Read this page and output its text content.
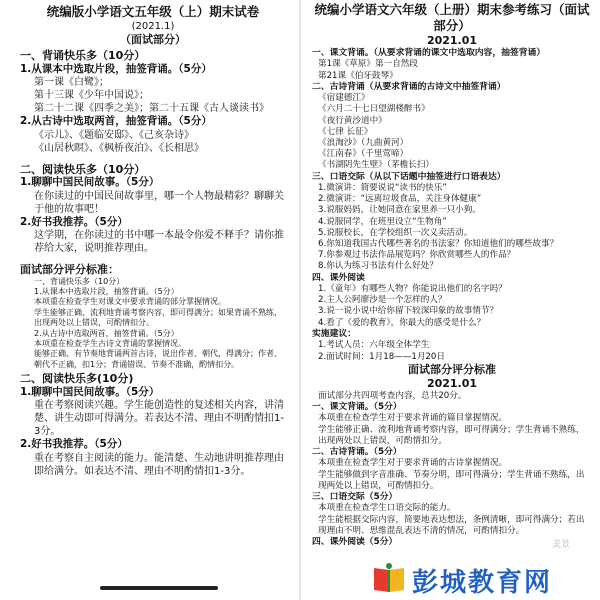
统编版小学语文五年级（上）期末试卷
(2021.1)
（面试部分）
一、背诵快乐多（10分）
1.从课本中选取片段，抽签背诵。（5分）
第一课《白鹭》；
第十三课《少年中国说》；
第二十二课《四季之美》；第二十五课《古人谈读书》
2.从古诗中选取两首，抽签背诵。（5分）
《示儿》、《题临安邸》、《己亥杂诗》
《山居秋暝》、《枫桥夜泊》、《长相思》
二、阅读快乐多（10分）
1.聊聊中国民间故事。（5分）
在你读过的中国民间故事里，哪一个人物最精彩？聊聊关于他的故事吧！
2.好书我推荐。（5分）
这学期，在你读过的书中哪一本最令你爱不释手？请你推荐给大家，说明推荐理由。
面试部分评分标准：
一、背诵快乐多（10分）
1.从课本中选取片段，抽签背诵。（5分）
本项重在检查学生对课文中要求背诵的部分掌握情况。
学生能够正确、流利地背诵考察内容，即可得满分；如果背诵不熟练，出现两处以上错误，可酌情扣分。
2.从古诗中选取两首，抽签背诵。（5分）
本项重在检查学生古诗文背诵的掌握情况。
能够正确、有节奏地背诵两首古诗，说出作者、朝代，得满分；作者、朝代不正确，扣1分；背诵错误、节奏不准确，酌情扣分。
二、阅读快乐多(10分)
1.聊聊中国民间故事。（5分）
重在考察阅读兴趣。学生能创造性的复述相关内容，讲清楚、讲生动即可得满分。若表达不清、理由不明酌情扣1-3分。
2.好书我推荐。（5分）
重在考察自主阅读的能力。能清楚、生动地讲明推荐理由即给满分。如表达不清、理由不明酌情扣1-3分。
统编小学语文六年级（上册）期末参考练习（面试部分）
2021.01
一、课文背诵。（从要求背诵的课文中选取内容，抽签背诵）
第1课《草原》第一自然段
第21课《伯牙鼓琴》
二、古诗背诵（从要求背诵的古诗文中抽签背诵）
《宿建德江》
《六月二十七日望湖楼醉书》
《夜行黄沙道中》
《七律 长征》
《浪淘沙》（九曲黄河）
《江南春》（千里莺啼）
《书湖阴先生壁》（茅檐长扫）
三、口语交际（从以下话题中抽签进行口语表达）
1.微演讲：简要说说“读书的快乐”
2.微演讲：“远离垃圾食品，关注身体健康”
3.说服妈妈，让她同意在家里养一只小狗。
4.说服同学，在班里设立“生物角”
5.说服校长，在学校组织一次义卖活动。
6.你知道我国古代哪些著名的书法家？你知道他们的哪些故事？
7.你参观过书法作品展览吗？你欣赏哪些人的作品？
8.你认为练习书法有什么好处？
四、课外阅读
1.《童年》有哪些人物？你能说出他们的名字吗？
2.主人公阿廖沙是一个怎样的人？
3.说一说小说中给你留下较深印象的故事情节？
4.看了《爱的教育》，你最大的感受是什么？
实施建议：
1.考试人员：六年级全体学生
2.面试时间：1月18——1月20日
面试部分评分标准
2021.01
面试部分共四项考查内容，总共20分。
一、课文背诵。（5分）
本项重在检查学生对于要求背诵的篇目掌握情况。
学生能够正确、流利地背诵考察内容，即可得满分；学生背诵不熟练，出现两处以上错误，可酌情扣分。
二、古诗背诵。（5分）
本项重在检查学生对于要求背诵的古诗掌握情况。
学生能够做到字音准确、节奏分明，即可得满分；学生背诵不熟练，出现两处以上错误，可酌情扣分。
三、口语交际（5分）
本项重在检查学生口语交际的能力。
学生能根据交际内容，简要地表达想法，条例清晰，即可得满分；若出现理由不明、思维混乱表达不清的情况，可酌情扣分。
四、课外阅读（5分）	美景
彭城教育网
